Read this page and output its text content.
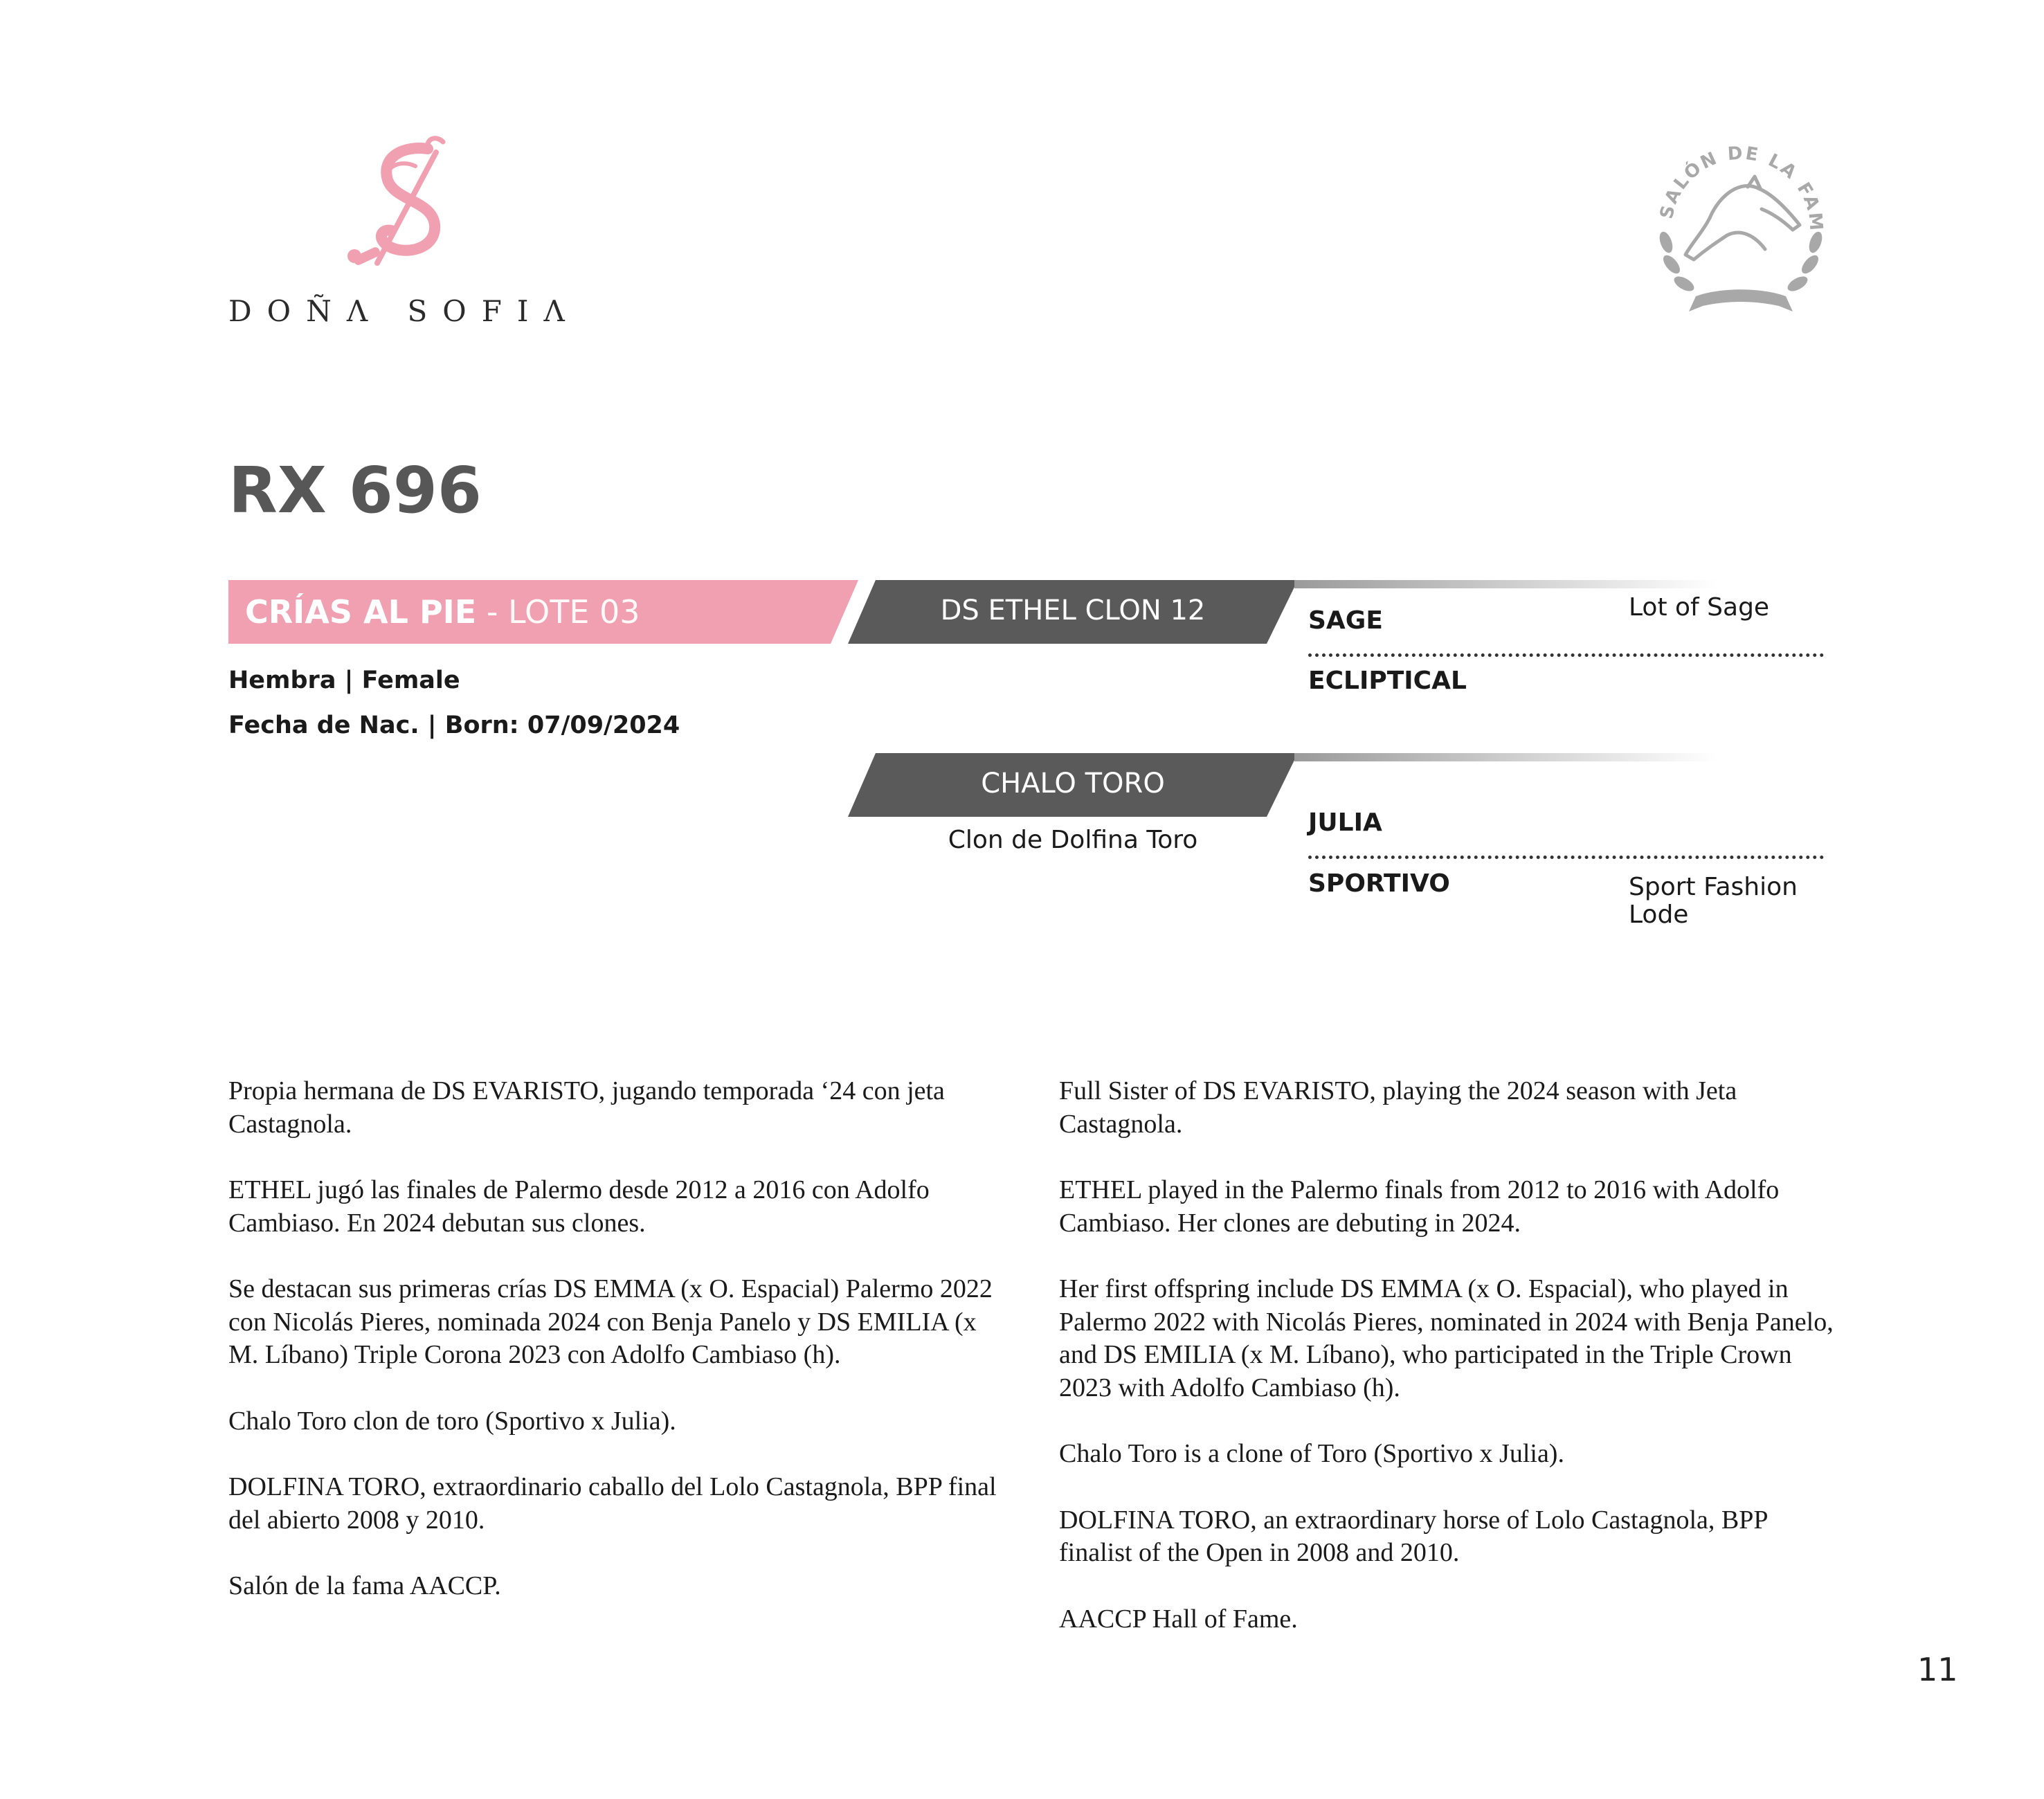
DOÑΛ SOFIΛ
SALÓN DE LA FAM
RX 696
CRÍAS AL PIE - LOTE 03	DS ETHEL CLON 12
CHALO TORO
Clon de Dolfina Toro
Hembra | Female
Fecha de Nac. | Born: 07/09/2024
SAGE	Lot of Sage
ECLIPTICAL
JULIA
SPORTIVO	Sport Fashion Lode

Propia hermana de DS EVARISTO, jugando temporada ‘24 con jeta Castagnola.

ETHEL jugó las finales de Palermo desde 2012 a 2016 con Adolfo Cambiaso. En 2024 debutan sus clones.

Se destacan sus primeras crías DS EMMA (x O. Espacial) Palermo 2022 con Nicolás Pieres, nominada 2024 con Benja Panelo y DS EMILIA (x M. Líbano) Triple Corona 2023 con Adolfo Cambiaso (h).

Chalo Toro clon de toro (Sportivo x Julia).

DOLFINA TORO, extraordinario caballo del Lolo Castagnola, BPP final del abierto 2008 y 2010.

Salón de la fama AACCP.

Full Sister of DS EVARISTO, playing the 2024 season with Jeta Castagnola.

ETHEL played in the Palermo finals from 2012 to 2016 with Adolfo Cambiaso. Her clones are debuting in 2024.

Her first offspring include DS EMMA (x O. Espacial), who played in Palermo 2022 with Nicolás Pieres, nominated in 2024 with Benja Panelo, and DS EMILIA (x M. Líbano), who participated in the Triple Crown 2023 with Adolfo Cambiaso (h).

Chalo Toro is a clone of Toro (Sportivo x Julia).

DOLFINA TORO, an extraordinary horse of Lolo Castagnola, BPP finalist of the Open in 2008 and 2010.

AACCP Hall of Fame.

11
